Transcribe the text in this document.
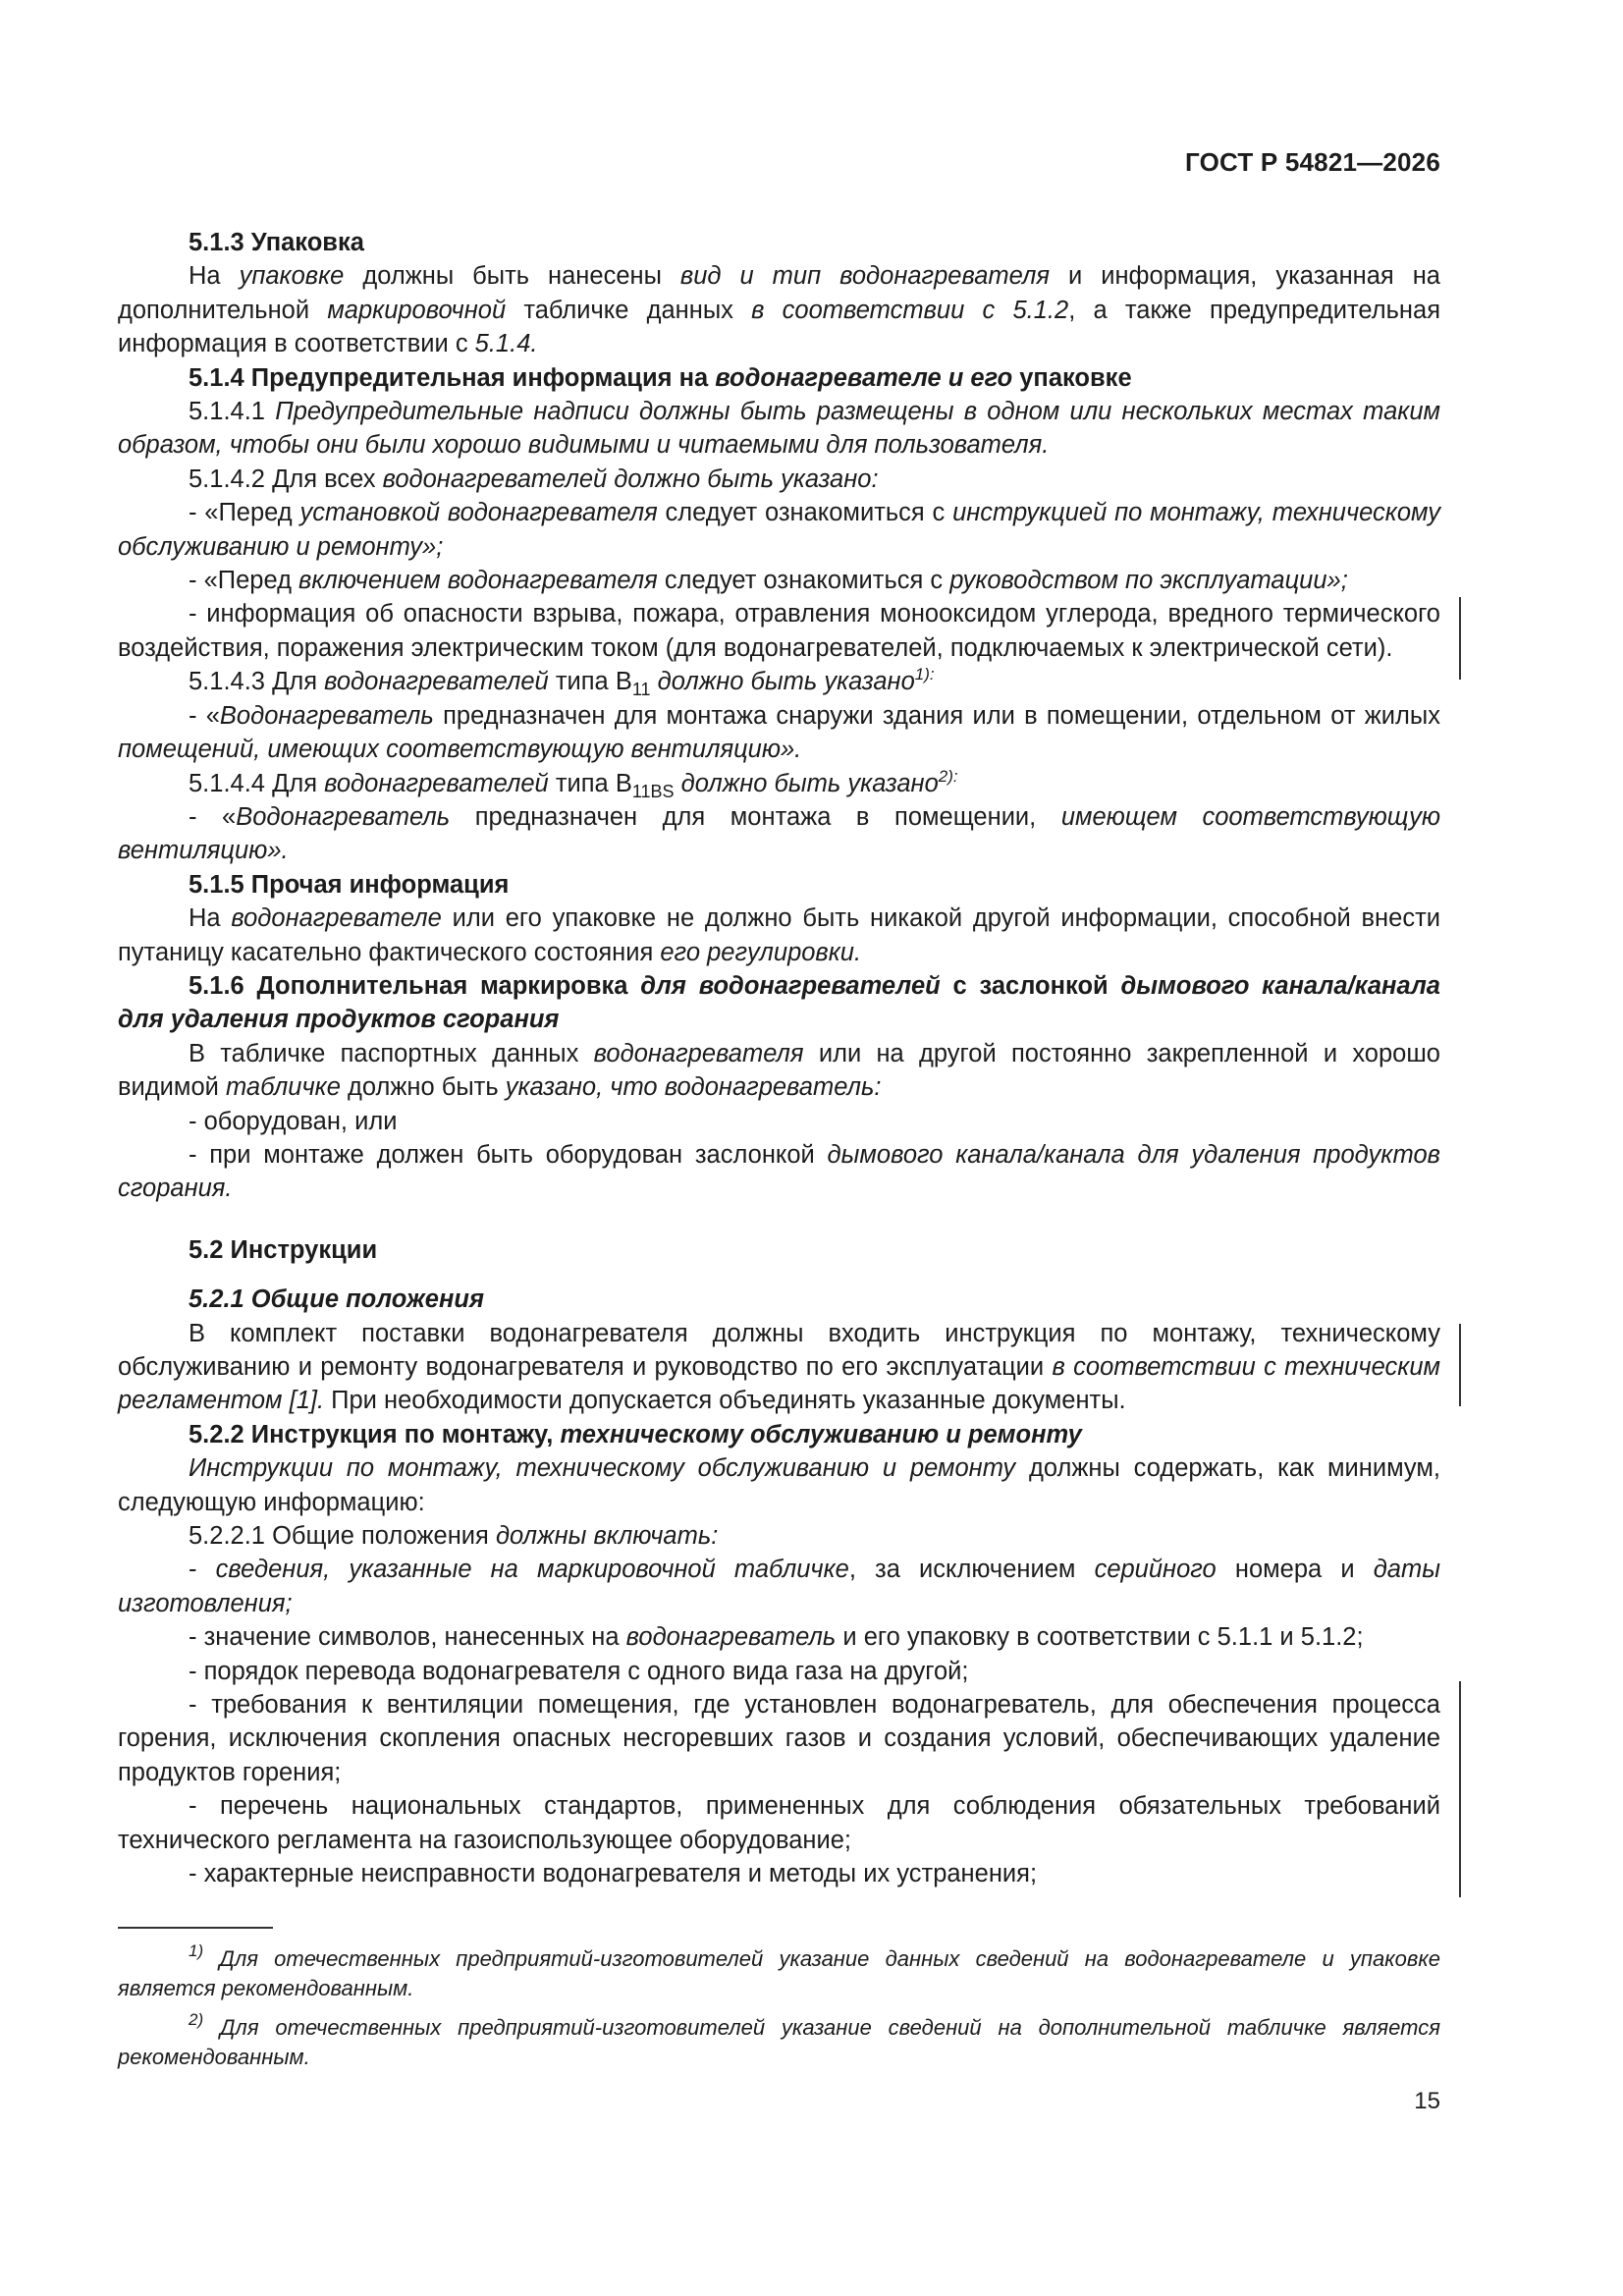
ГОСТ Р 54821—2026

5.1.3 Упаковка

На упаковке должны быть нанесены вид и тип водонагревателя и информация, указанная на дополнительной маркировочной табличке данных в соответствии с 5.1.2, а также предупредительная информация в соответствии с 5.1.4.

5.1.4 Предупредительная информация на водонагревателе и его упаковке

5.1.4.1 Предупредительные надписи должны быть размещены в одном или нескольких местах таким образом, чтобы они были хорошо видимыми и читаемыми для пользователя.

5.1.4.2 Для всех водонагревателей должно быть указано:

- «Перед установкой водонагревателя следует ознакомиться с инструкцией по монтажу, техническому обслуживанию и ремонту»;

- «Перед включением водонагревателя следует ознакомиться с руководством по эксплуатации»;

- информация об опасности взрыва, пожара, отравления монооксидом углерода, вредного термического воздействия, поражения электрическим током (для водонагревателей, подключаемых к электрической сети).

5.1.4.3 Для водонагревателей типа $B_{11}$ должно быть указано$^{1):}$

- «Водонагреватель предназначен для монтажа снаружи здания или в помещении, отдельном от жилых помещений, имеющих соответствующую вентиляцию».

5.1.4.4 Для водонагревателей типа $B_{11BS}$ должно быть указано$^{2):}$

- «Водонагреватель предназначен для монтажа в помещении, имеющем соответствующую вентиляцию».

5.1.5 Прочая информация

На водонагревателе или его упаковке не должно быть никакой другой информации, способной внести путаницу касательно фактического состояния его регулировки.

5.1.6 Дополнительная маркировка для водонагревателей с заслонкой дымового канала/канала для удаления продуктов сгорания

В табличке паспортных данных водонагревателя или на другой постоянно закрепленной и хорошо видимой табличке должно быть указано, что водонагреватель:

- оборудован, или

- при монтаже должен быть оборудован заслонкой дымового канала/канала для удаления продуктов сгорания.

5.2 Инструкции

5.2.1 Общие положения

В комплект поставки водонагревателя должны входить инструкция по монтажу, техническому обслуживанию и ремонту водонагревателя и руководство по его эксплуатации в соответствии с техническим регламентом [1]. При необходимости допускается объединять указанные документы.

5.2.2 Инструкция по монтажу, техническому обслуживанию и ремонту

Инструкции по монтажу, техническому обслуживанию и ремонту должны содержать, как минимум, следующую информацию:

5.2.2.1 Общие положения должны включать:

- сведения, указанные на маркировочной табличке, за исключением серийного номера и даты изготовления;

- значение символов, нанесенных на водонагреватель и его упаковку в соответствии с 5.1.1 и 5.1.2;

- порядок перевода водонагревателя с одного вида газа на другой;

- требования к вентиляции помещения, где установлен водонагреватель, для обеспечения процесса горения, исключения скопления опасных несгоревших газов и создания условий, обеспечивающих удаление продуктов горения;

- перечень национальных стандартов, примененных для соблюдения обязательных требований технического регламента на газоиспользующее оборудование;

- характерные неисправности водонагревателя и методы их устранения;

$^{1)}$ Для отечественных предприятий-изготовителей указание данных сведений на водонагревателе и упаковке является рекомендованным.

$^{2)}$ Для отечественных предприятий-изготовителей указание сведений на дополнительной табличке является рекомендованным.

15
